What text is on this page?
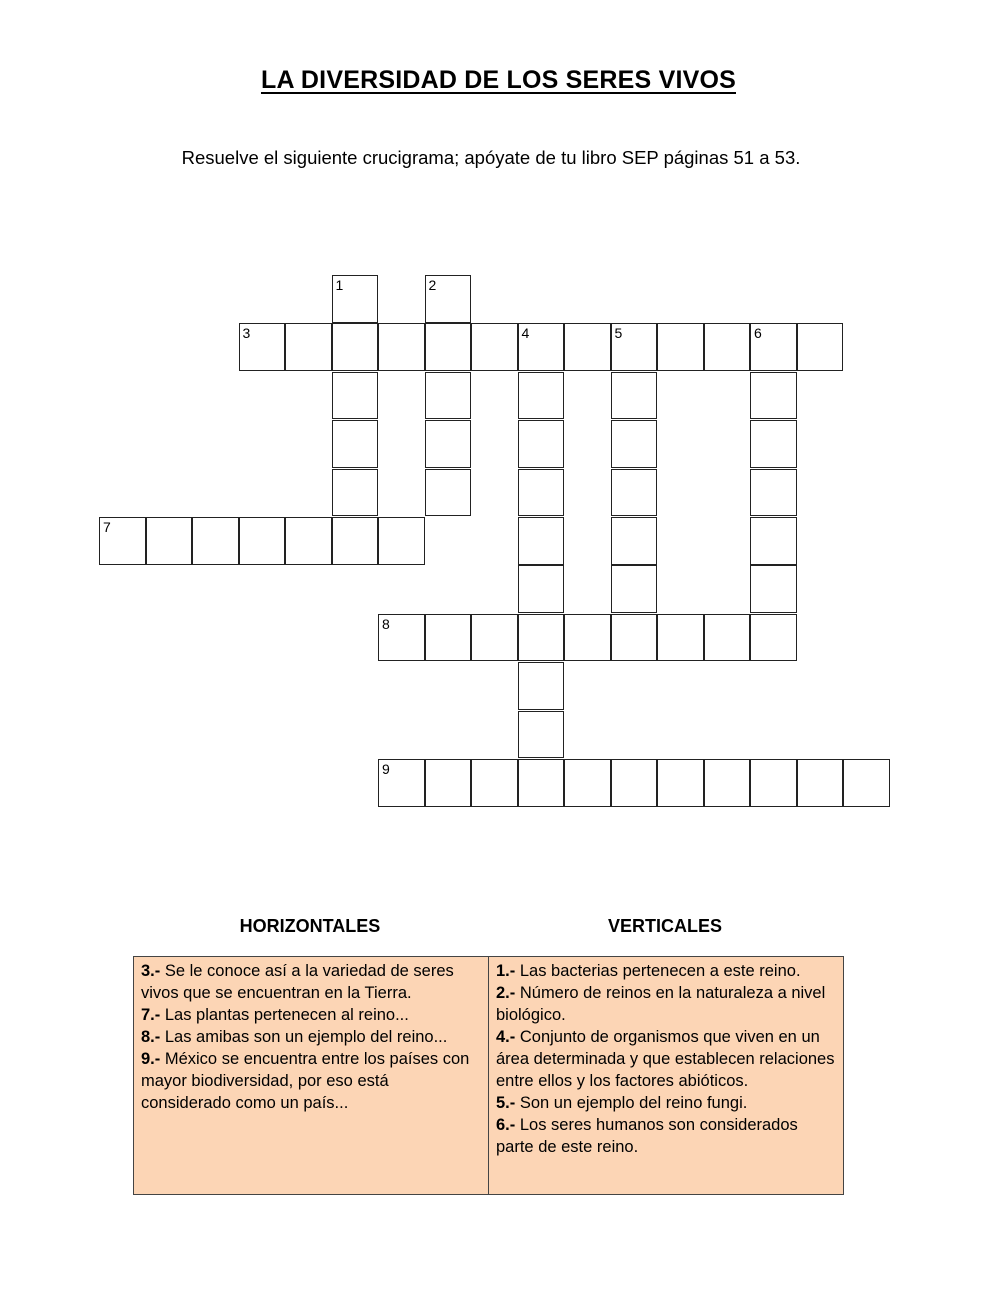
LA DIVERSIDAD DE LOS SERES VIVOS
Resuelve el siguiente crucigrama; apóyate de tu libro SEP páginas 51 a 53.
1	2
3	4	5	6
7
8
9
HORIZONTALES	VERTICALES

3.- Se le conoce así a la variedad de seres vivos que se encuentran en la Tierra.

7.- Las plantas pertenecen al reino...

8.- Las amibas son un ejemplo del reino...

9.- México se encuentra entre los países con mayor biodiversidad, por eso está considerado como un país...

1.- Las bacterias pertenecen a este reino.

2.- Número de reinos en la naturaleza a nivel biológico.

4.- Conjunto de organismos que viven en un área determinada y que establecen relaciones entre ellos y los factores abióticos.

5.- Son un ejemplo del reino fungi.

6.- Los seres humanos son considerados parte de este reino.
